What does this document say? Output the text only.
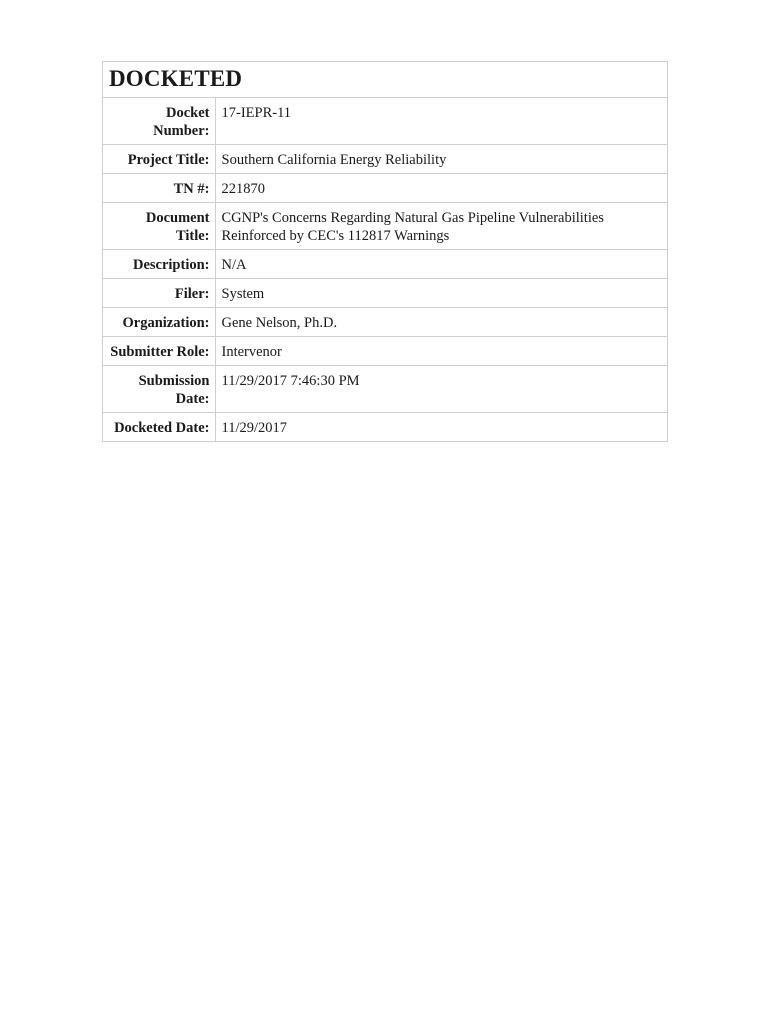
DOCKETED
Docket Number:	17-IEPR-11
Project Title:	Southern California Energy Reliability
TN #:	221870
Document Title:	CGNP's Concerns Regarding Natural Gas Pipeline Vulnerabilities Reinforced by CEC's 112817 Warnings
Description:	N/A
Filer:	System
Organization:	Gene Nelson, Ph.D.
Submitter Role:	Intervenor
Submission Date:	11/29/2017 7:46:30 PM
Docketed Date:	11/29/2017
